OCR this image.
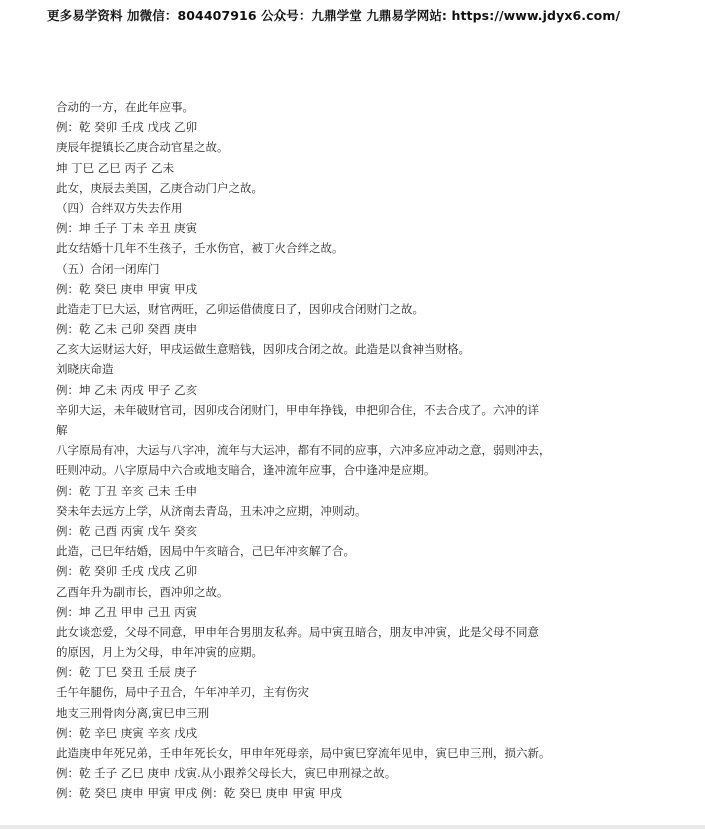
更多易学资料 加微信：804407916 公众号：九鼎学堂 九鼎易学网站: https://www.jdyx6.com/
合动的一方，在此年应事。
例：乾 癸卯 壬戌 戊戌 乙卯
庚辰年提镇长乙庚合动官星之故。
坤 丁巳 乙巳 丙子 乙未
此女，庚辰去美国，乙庚合动门户之故。
（四）合绊双方失去作用
例：坤 壬子 丁未 辛丑 庚寅
此女结婚十几年不生孩子，壬水伤官，被丁火合绊之故。
（五）合闭一闭库门
例：乾 癸巳 庚申 甲寅 甲戌
此造走丁巳大运，财官两旺，乙卯运借债度日了，因卯戌合闭财门之故。
例：乾 乙未 己卯 癸酉 庚申
乙亥大运财运大好，甲戌运做生意赔钱，因卯戌合闭之故。此造是以食神当财格。
刘晓庆命造
例：坤 乙未 丙戌 甲子 乙亥
辛卯大运，未年破财官司，因卯戌合闭财门，甲申年挣钱，申把卯合住，不去合戌了。六冲的详
解
八字原局有冲，大运与八字冲，流年与大运冲，都有不同的应事，六冲多应冲动之意，弱则冲去，
旺则冲动。八字原局中六合或地支暗合，逢冲流年应事，合中逢冲是应期。
例：乾 丁丑 辛亥 己未 壬申
癸未年去远方上学，从济南去青岛，丑未冲之应期，冲则动。
例：乾 己酉 丙寅 戊午 癸亥
此造，己巳年结婚，因局中午亥暗合，己巳年冲亥解了合。
例：乾 癸卯 壬戌 戊戌 乙卯
乙酉年升为副市长，酉冲卯之故。
例：坤 乙丑 甲申 己丑 丙寅
此女谈恋爱，父母不同意，甲申年合男朋友私奔。局中寅丑暗合，朋友申冲寅，此是父母不同意
的原因，月上为父母，申年冲寅的应期。
例：乾 丁巳 癸丑 壬辰 庚子
壬午年腿伤，局中子丑合，午年冲羊刃，主有伤灾
地支三刑骨肉分离,寅巳申三刑
例：乾 辛巳 庚寅 辛亥 戊戌
此造庚申年死兄弟，壬申年死长女，甲申年死母亲，局中寅巳穿流年见申，寅巳申三刑，损六新。
例：乾 壬子 乙巳 庚申 戊寅.从小跟养父母长大，寅巳申刑禄之故。
例：乾 癸巳 庚申 甲寅 甲戌 例：乾 癸巳 庚申 甲寅 甲戌
